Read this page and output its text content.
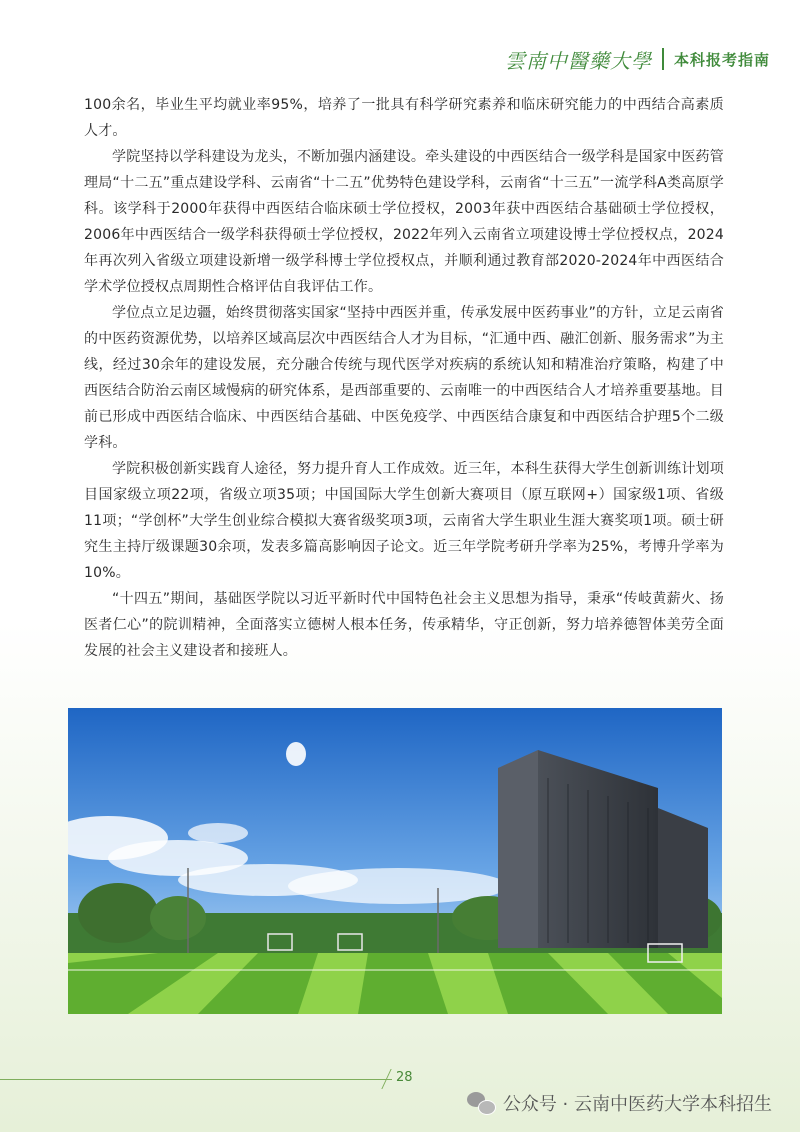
雲南中醫藥大學 本科报考指南

100余名，毕业生平均就业率95%，培养了一批具有科学研究素养和临床研究能力的中西结合高素质人才。

学院坚持以学科建设为龙头，不断加强内涵建设。牵头建设的中西医结合一级学科是国家中医药管理局“十二五”重点建设学科、云南省“十二五”优势特色建设学科，云南省“十三五”一流学科A类高原学科。该学科于2000年获得中西医结合临床硕士学位授权，2003年获中西医结合基础硕士学位授权，2006年中西医结合一级学科获得硕士学位授权，2022年列入云南省立项建设博士学位授权点，2024年再次列入省级立项建设新增一级学科博士学位授权点，并顺利通过教育部2020-2024年中西医结合学术学位授权点周期性合格评估自我评估工作。

学位点立足边疆，始终贯彻落实国家“坚持中西医并重，传承发展中医药事业”的方针，立足云南省的中医药资源优势，以培养区域高层次中西医结合人才为目标，“汇通中西、融汇创新、服务需求”为主线，经过30余年的建设发展，充分融合传统与现代医学对疾病的系统认知和精准治疗策略，构建了中西医结合防治云南区域慢病的研究体系，是西部重要的、云南唯一的中西医结合人才培养重要基地。目前已形成中西医结合临床、中西医结合基础、中医免疫学、中西医结合康复和中西医结合护理5个二级学科。

学院积极创新实践育人途径，努力提升育人工作成效。近三年，本科生获得大学生创新训练计划项目国家级立项22项，省级立项35项；中国国际大学生创新大赛项目（原互联网+）国家级1项、省级11项；“学创杯”大学生创业综合模拟大赛省级奖项3项，云南省大学生职业生涯大赛奖项1项。硕士研究生主持厅级课题30余项，发表多篇高影响因子论文。近三年学院考研升学率为25%，考博升学率为10%。

“十四五”期间，基础医学院以习近平新时代中国特色社会主义思想为指导，秉承“传岐黄薪火、扬医者仁心”的院训精神，全面落实立德树人根本任务，传承精华，守正创新，努力培养德智体美劳全面发展的社会主义建设者和接班人。

28
公众号 · 云南中医药大学本科招生
